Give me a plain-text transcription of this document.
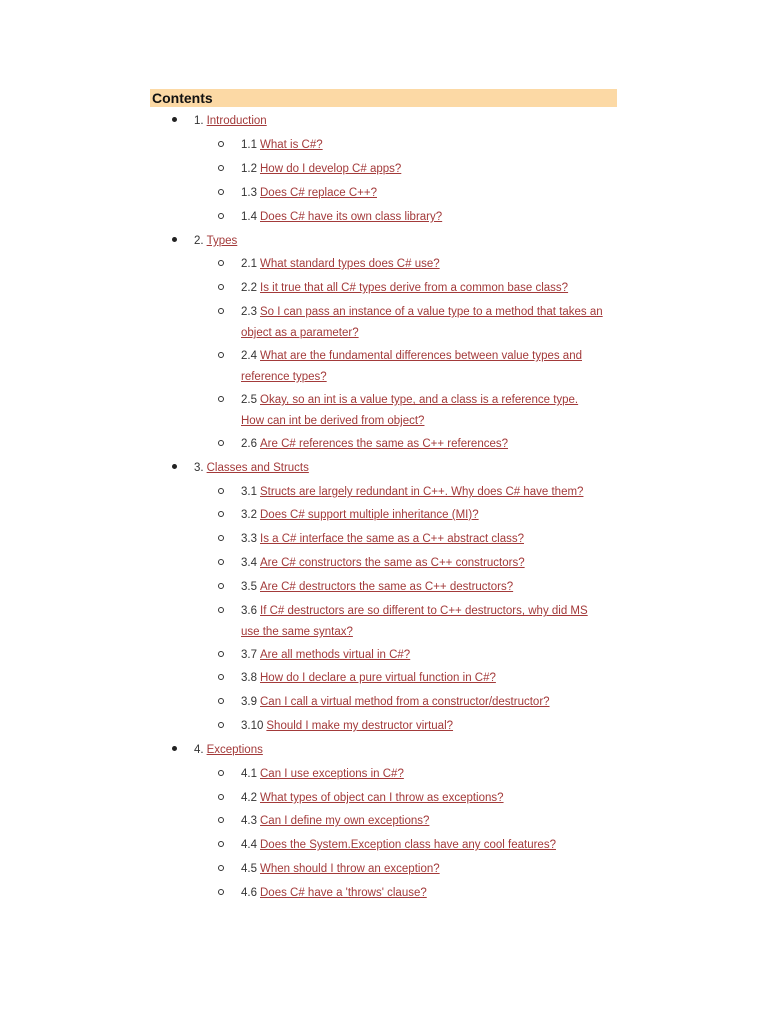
Contents
1. Introduction
1.1 What is C#?
1.2 How do I develop C# apps?
1.3 Does C# replace C++?
1.4 Does C# have its own class library?
2. Types
2.1 What standard types does C# use?
2.2 Is it true that all C# types derive from a common base class?
2.3 So I can pass an instance of a value type to a method that takes an
object as a parameter?
2.4 What are the fundamental differences between value types and
reference types?
2.5 Okay, so an int is a value type, and a class is a reference type.
How can int be derived from object?
2.6 Are C# references the same as C++ references?
3. Classes and Structs
3.1 Structs are largely redundant in C++. Why does C# have them?
3.2 Does C# support multiple inheritance (MI)?
3.3 Is a C# interface the same as a C++ abstract class?
3.4 Are C# constructors the same as C++ constructors?
3.5 Are C# destructors the same as C++ destructors?
3.6 If C# destructors are so different to C++ destructors, why did MS
use the same syntax?
3.7 Are all methods virtual in C#?
3.8 How do I declare a pure virtual function in C#?
3.9 Can I call a virtual method from a constructor/destructor?
3.10 Should I make my destructor virtual?
4. Exceptions
4.1 Can I use exceptions in C#?
4.2 What types of object can I throw as exceptions?
4.3 Can I define my own exceptions?
4.4 Does the System.Exception class have any cool features?
4.5 When should I throw an exception?
4.6 Does C# have a 'throws' clause?
